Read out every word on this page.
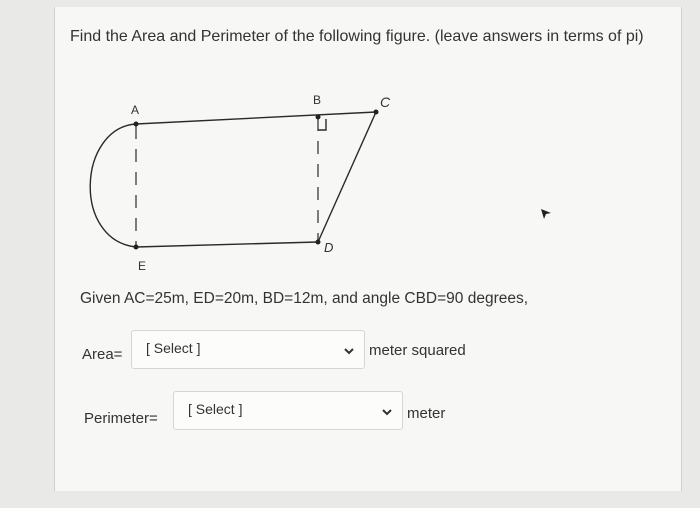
Find the Area and Perimeter of the following figure. (leave answers in terms of pi)
A
B	C
D
E
Given AC=25m, ED=20m, BD=12m, and angle CBD=90 degrees,
Area= [ Select ]	meter squared
Perimeter=
[ Select ]	meter
